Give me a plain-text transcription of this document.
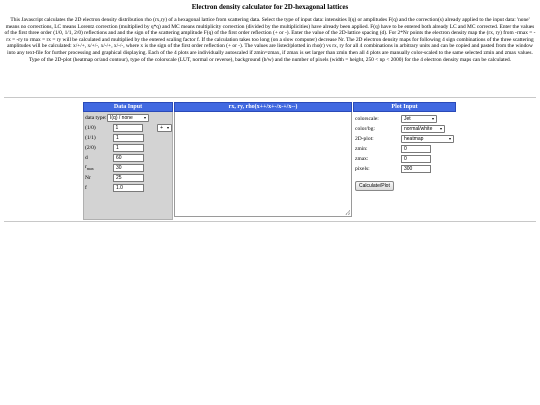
Electron density calculator for 2D-hexagonal lattices
This Javascript calculates the 2D electron density distribution rho (rx,ry) of a hexagonal lattice from scattering data. Select the type of input data: intensities I(q) or amplitudes F(q) and the correction(s) already applied to the input data: 'none' means no corrections, LC means Lorentz correction (multiplied by q*q) and MC means multiplicity correction (divided by the multiplicities) have already been applied. F(q) have to be entered both already LC and MC corrected. Enter the values of the first three order (1/0, 1/1, 2/0) reflections and and the sign of the scattering amplitude F(q) of the first order reflection (+ or -). Enter the value of the 2D-lattice spacing (d). For 2*Nr points the electron density map the (rx, ry) from -rmax = -rx = -ry to rmax = rx = ry will be calculated and multiplied by the entered scaling factor f. If the calculation takes too long (on a slow computer) decrease Nr. The 2D electron density maps for following 4 sign combinations of the three scattering amplitudes will be calculated: x/+/+, x/+/-, x/-/+, x/-/-, where x is the sign of the first order reflection (+ or -). The values are listed/plotted in rho(r) vs rx, ry for all 4 combinations in arbitrary units and can be copied and pasted from the window into any text-file for further processing and graphical displaying. Each of the 4 plots are individually autoscaled if zmin=zmax, if zmax is set larger than zmin then all 4 plots are manually color-scaled to the same selected zmin and zmax values. Type of the 2D-plot (heatmap or/and contour), type of the colorscale (LUT, normal or reverse), background (b/w) and the number of pixels (width = height, 250 < np < 2000) for the 4 electron density maps can be calculated.
Data Input
data type: I(q) / none	▾
(1/0)	1	+ ▾
(1/1)	1
(2/0)	1
d	60
$r_{max}$	30
Nr	25
f	1.0
rx, ry, rho(x++/x+-/x-+/x--)	Plot Input
colorscale:	Jet	▾
color/bg:	normal/white ▾
2D-plot:	heatmap	▾
zmin:	0
zmax:	0
pixels:	300
Calculate/Plot
